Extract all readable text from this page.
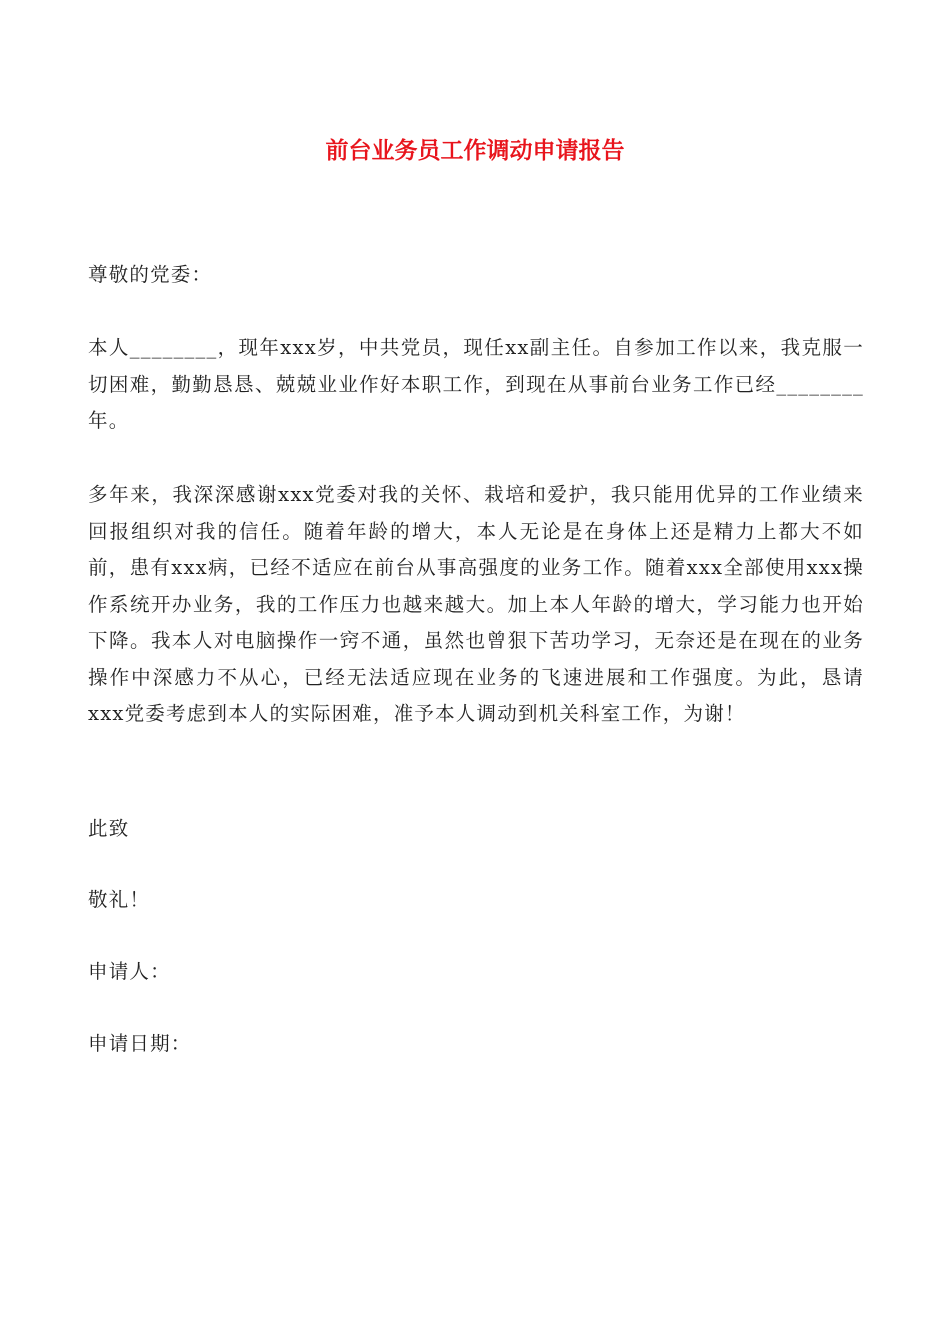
前台业务员工作调动申请报告

尊敬的党委：

本人________，现年xxx岁，中共党员，现任xx副主任。自参加工作以来，我克服一切困难，勤勤恳恳、兢兢业业作好本职工作，到现在从事前台业务工作已经________年。

多年来，我深深感谢xxx党委对我的关怀、栽培和爱护，我只能用优异的工作业绩来回报组织对我的信任。随着年龄的增大，本人无论是在身体上还是精力上都大不如前，患有xxx病，已经不适应在前台从事高强度的业务工作。随着xxx全部使用xxx操作系统开办业务，我的工作压力也越来越大。加上本人年龄的增大，学习能力也开始下降。我本人对电脑操作一窍不通，虽然也曾狠下苦功学习，无奈还是在现在的业务操作中深感力不从心，已经无法适应现在业务的飞速进展和工作强度。为此，恳请xxx党委考虑到本人的实际困难，准予本人调动到机关科室工作，为谢！

此致

敬礼！

申请人：

申请日期：
